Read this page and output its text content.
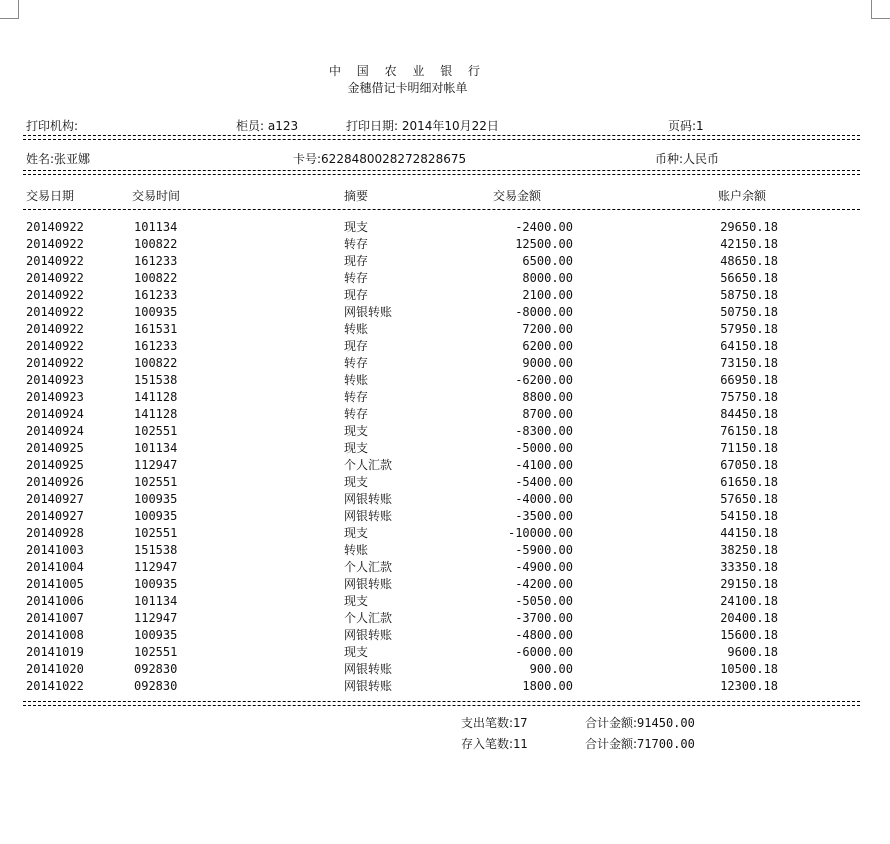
中 国 农 业 银 行
金穗借记卡明细对帐单
打印机构:	柜员: a123	打印日期: 2014年10月22日	页码:1
姓名:张亚娜	卡号:6228480028272828675	币种:人民币
交易日期	交易时间	摘要	交易金额	账户余额
20140922	101134	现支	-2400.00	29650.18
20140922	100822	转存	12500.00	42150.18
20140922	161233	现存	6500.00	48650.18
20140922	100822	转存	8000.00	56650.18
20140922	161233	现存	2100.00	58750.18
20140922	100935	网银转账	-8000.00	50750.18
20140922	161531	转账	7200.00	57950.18
20140922	161233	现存	6200.00	64150.18
20140922	100822	转存	9000.00	73150.18
20140923	151538	转账	-6200.00	66950.18
20140923	141128	转存	8800.00	75750.18
20140924	141128	转存	8700.00	84450.18
20140924	102551	现支	-8300.00	76150.18
20140925	101134	现支	-5000.00	71150.18
20140925	112947	个人汇款	-4100.00	67050.18
20140926	102551	现支	-5400.00	61650.18
20140927	100935	网银转账	-4000.00	57650.18
20140927	100935	网银转账	-3500.00	54150.18
20140928	102551	现支	-10000.00	44150.18
20141003	151538	转账	-5900.00	38250.18
20141004	112947	个人汇款	-4900.00	33350.18
20141005	100935	网银转账	-4200.00	29150.18
20141006	101134	现支	-5050.00	24100.18
20141007	112947	个人汇款	-3700.00	20400.18
20141008	100935	网银转账	-4800.00	15600.18
20141019	102551	现支	-6000.00	9600.18
20141020	092830	网银转账	900.00	10500.18
20141022	092830	网银转账	1800.00	12300.18
支出笔数:17	合计金额:91450.00
存入笔数:11	合计金额:71700.00
